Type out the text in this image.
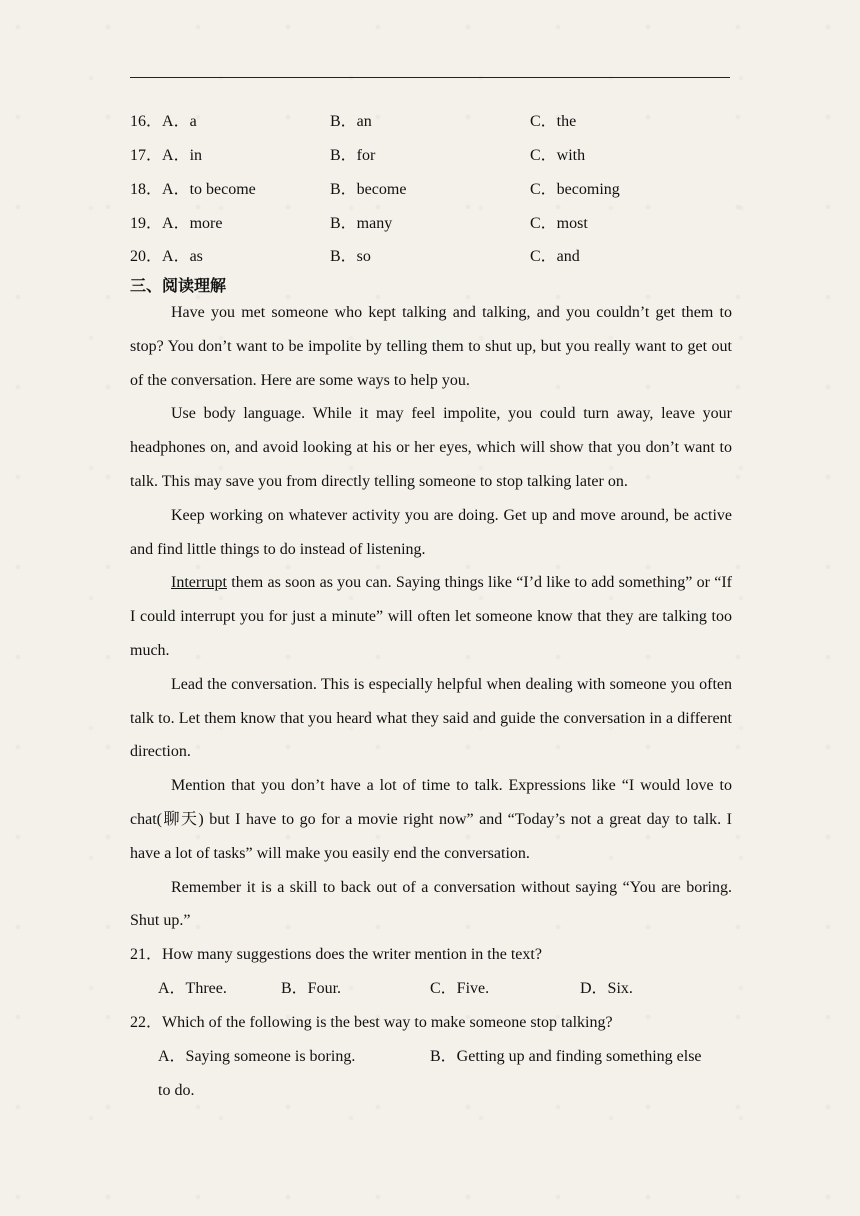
16．A．a	B．an	C．the
17．A．in	B．for	C．with
18．A．to become	B．become	C．becoming
19．A．more	B．many	C．most
20．A．as	B．so	C．and
三、阅读理解

Have you met someone who kept talking and talking, and you couldn’t get them to stop? You don’t want to be impolite by telling them to shut up, but you really want to get out of the conversation. Here are some ways to help you.

Use body language. While it may feel impolite, you could turn away, leave your headphones on, and avoid looking at his or her eyes, which will show that you don’t want to talk. This may save you from directly telling someone to stop talking later on.

Keep working on whatever activity you are doing. Get up and move around, be active and find little things to do instead of listening.

Interrupt them as soon as you can. Saying things like “I’d like to add something” or “If I could interrupt you for just a minute” will often let someone know that they are talking too much.

Lead the conversation. This is especially helpful when dealing with someone you often talk to. Let them know that you heard what they said and guide the conversation in a different direction.

Mention that you don’t have a lot of time to talk. Expressions like “I would love to chat(聊天) but I have to go for a movie right now” and “Today’s not a great day to talk. I have a lot of tasks” will make you easily end the conversation.

Remember it is a skill to back out of a conversation without saying “You are boring. Shut up.”

21．How many suggestions does the writer mention in the text?
A．Three.	B．Four.	C．Five.	D．Six.
22．Which of the following is the best way to make someone stop talking?
A．Saying someone is boring.	B．Getting up and finding something else
to do.
